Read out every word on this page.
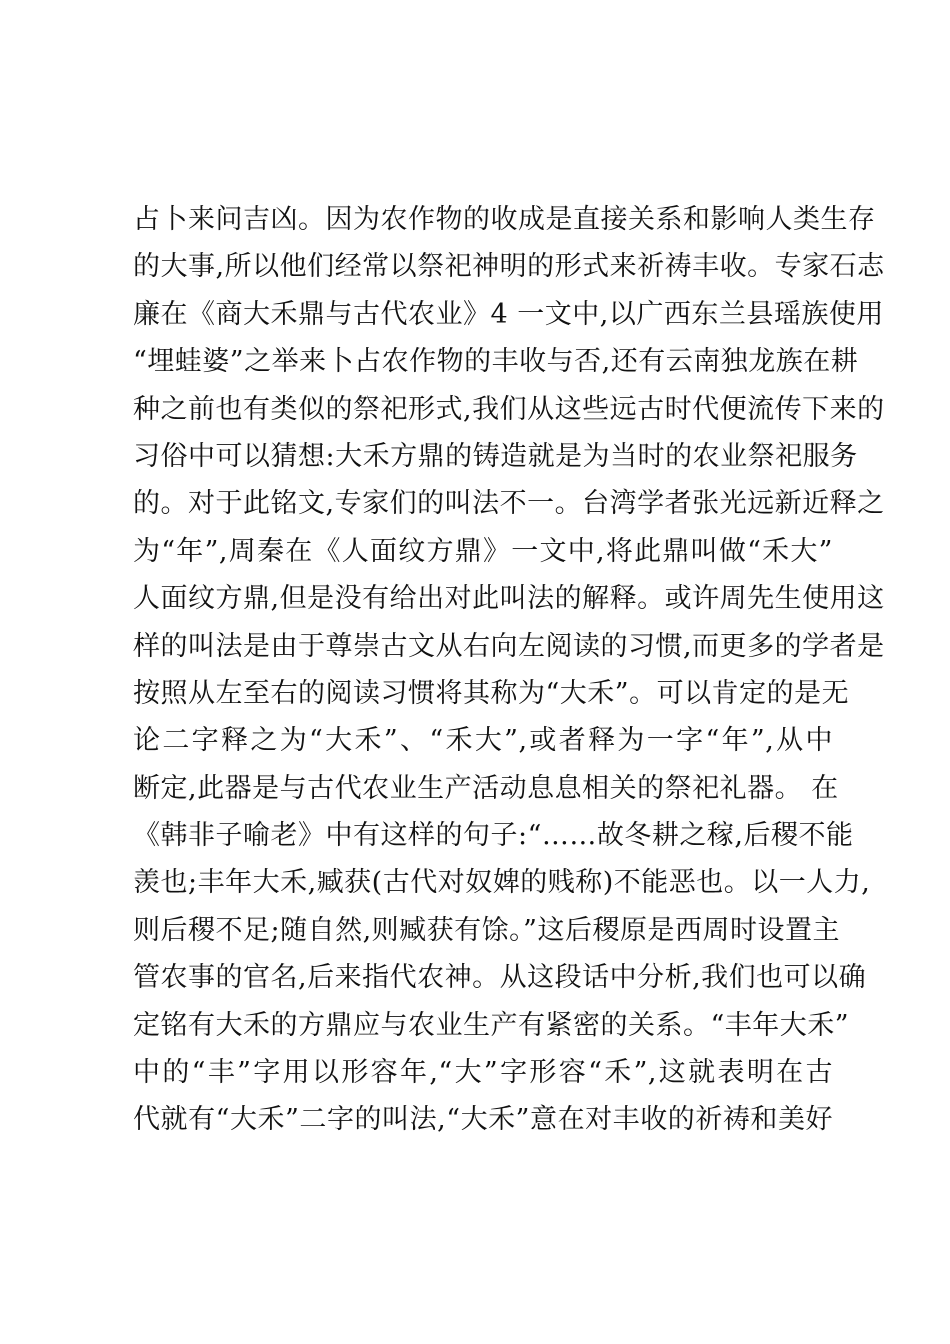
占卜来问吉凶。因为农作物的收成是直接关系和影响人类生存
的大事,所以他们经常以祭祀神明的形式来祈祷丰收。专家石志
廉在《商大禾鼎与古代农业》4 一文中,以广西东兰县瑶族使用
“埋蛙婆”之举来卜占农作物的丰收与否,还有云南独龙族在耕
种之前也有类似的祭祀形式,我们从这些远古时代便流传下来的
习俗中可以猜想:大禾方鼎的铸造就是为当时的农业祭祀服务
的。对于此铭文,专家们的叫法不一。台湾学者张光远新近释之
为“年”,周秦在《人面纹方鼎》一文中,将此鼎叫做“禾大”
人面纹方鼎,但是没有给出对此叫法的解释。或许周先生使用这
样的叫法是由于尊崇古文从右向左阅读的习惯,而更多的学者是
按照从左至右的阅读习惯将其称为“大禾”。可以肯定的是无
论二字释之为“大禾”、“禾大”,或者释为一字“年”,从中
断定,此器是与古代农业生产活动息息相关的祭祀礼器。 在
《韩非子喻老》中有这样的句子:“……故冬耕之稼,后稷不能
羡也;丰年大禾,臧获(古代对奴婢的贱称)不能恶也。以一人力,
则后稷不足;随自然,则臧获有馀。”这后稷原是西周时设置主
管农事的官名,后来指代农神。从这段话中分析,我们也可以确
定铭有大禾的方鼎应与农业生产有紧密的关系。“丰年大禾”
中的“丰”字用以形容年,“大”字形容“禾”,这就表明在古
代就有“大禾”二字的叫法,“大禾”意在对丰收的祈祷和美好
